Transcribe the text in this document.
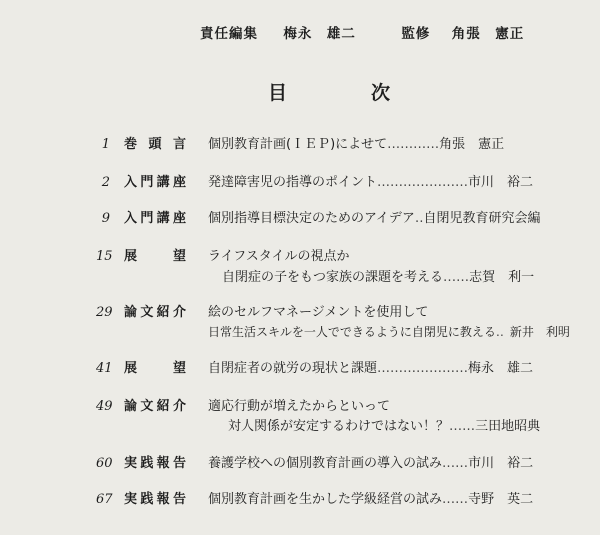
責任編集 梅永　雄二	監修 角張　憲正
目	次
1 巻頭言 個別教育計画(ＩＥＰ)によせて…………角張　憲正
2 入門講座 発達障害児の指導のポイント…………………市川　裕二
9 入門講座 個別指導目標決定のためのアイデア‥自閉児教育研究会編
15 展望 ライフスタイルの視点か
自閉症の子をもつ家族の課題を考える‥‥‥志賀　利一
29 論文紹介 絵のセルフマネージメントを使用して
日常生活スキルを一人でできるように自閉児に教える‥ 新井　利明
41 展望 自閉症者の就労の現状と課題…………………梅永　雄二
49 論文紹介 適応行動が増えたからといって
対人関係が安定するわけではない！？‥‥‥三田地昭典
60 実践報告 養護学校への個別教育計画の導入の試み‥‥‥市川　裕二
67 実践報告 個別教育計画を生かした学級経営の試み‥‥‥寺野　英二
